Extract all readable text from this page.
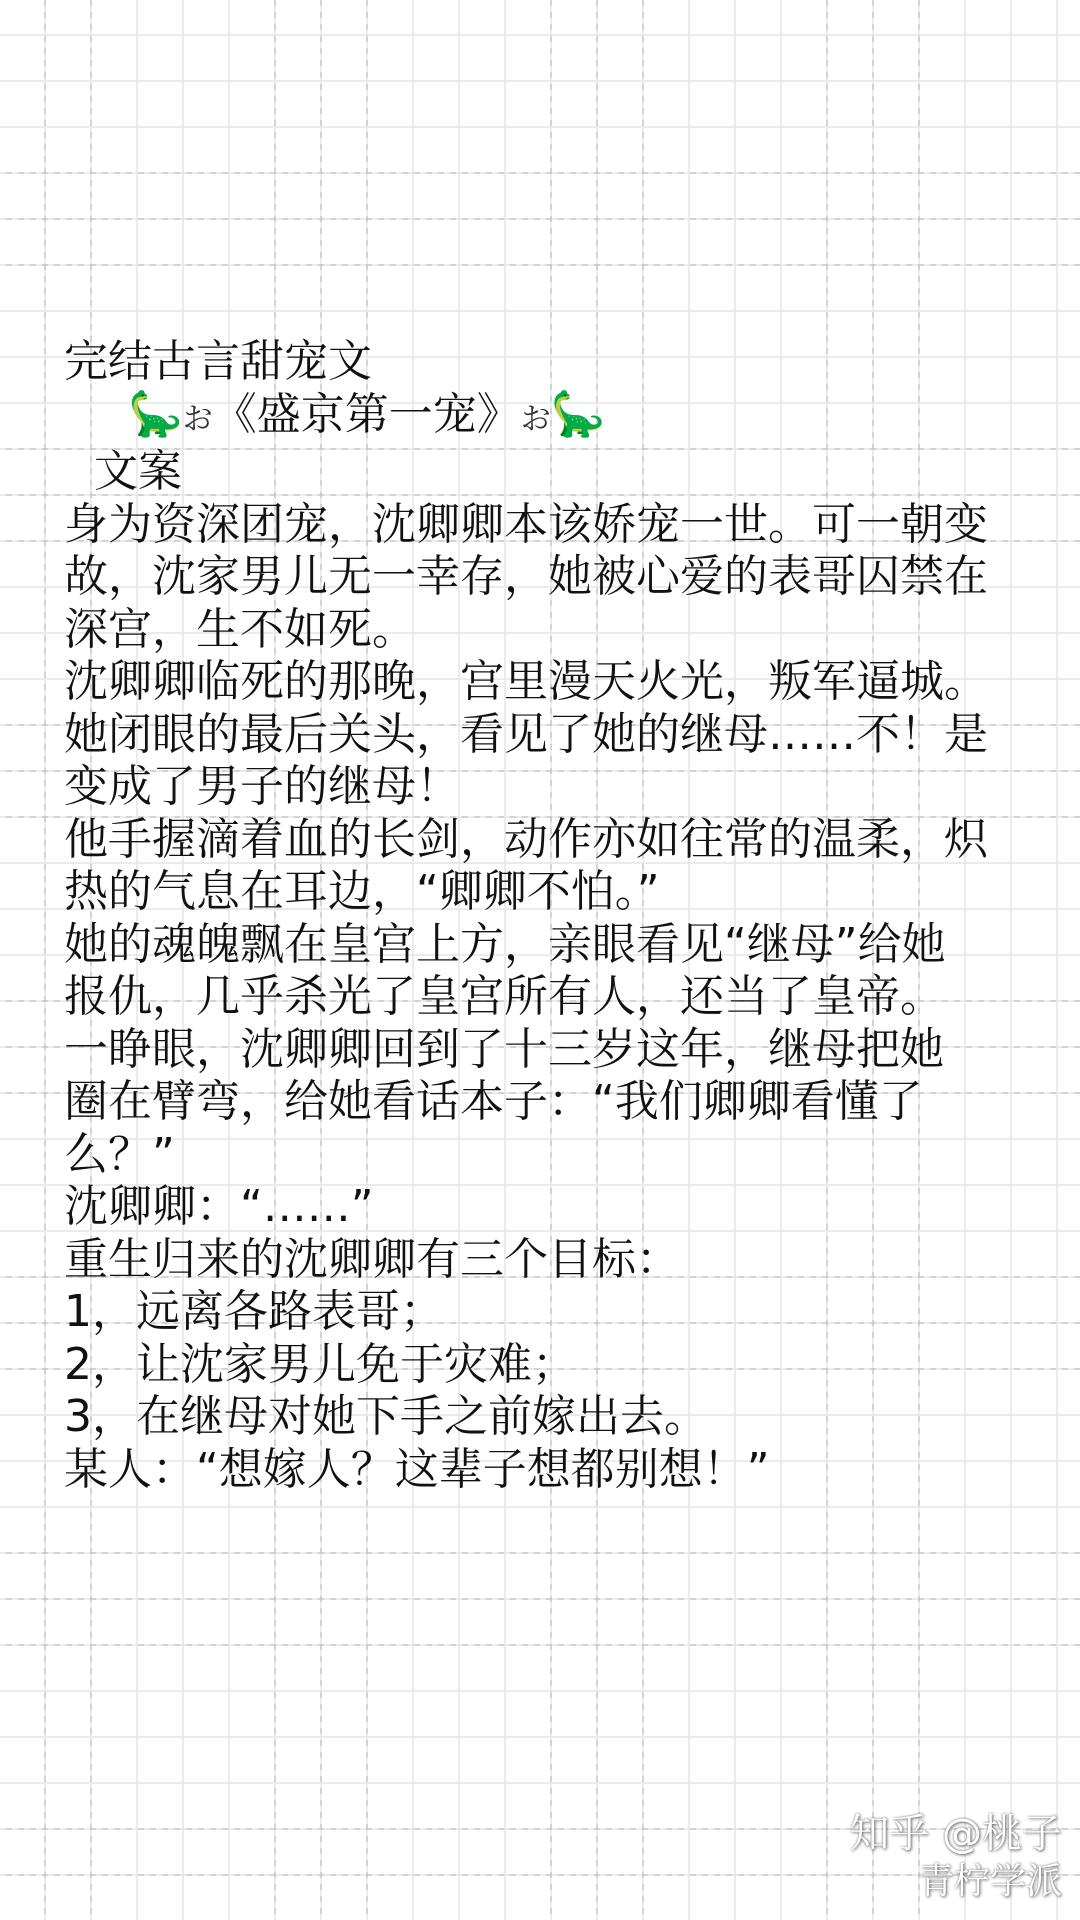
完结古言甜宠文
🦕お《盛京第一宠》お🦕
文案
身为资深团宠，沈卿卿本该娇宠一世。可一朝变
故，沈家男儿无一幸存，她被心爱的表哥囚禁在
深宫，生不如死。
沈卿卿临死的那晚，宫里漫天火光，叛军逼城。
她闭眼的最后关头，看见了她的继母……不！是
变成了男子的继母！
他手握滴着血的长剑，动作亦如往常的温柔，炽
热的气息在耳边，“卿卿不怕。”
她的魂魄飘在皇宫上方，亲眼看见“继母”给她
报仇，几乎杀光了皇宫所有人，还当了皇帝。
一睁眼，沈卿卿回到了十三岁这年，继母把她
圈在臂弯，给她看话本子：“我们卿卿看懂了
么？”
沈卿卿：“……”
重生归来的沈卿卿有三个目标：
1，远离各路表哥；
2，让沈家男儿免于灾难；
3，在继母对她下手之前嫁出去。
某人：“想嫁人？这辈子想都别想！”
知乎 @桃子
青柠学派
